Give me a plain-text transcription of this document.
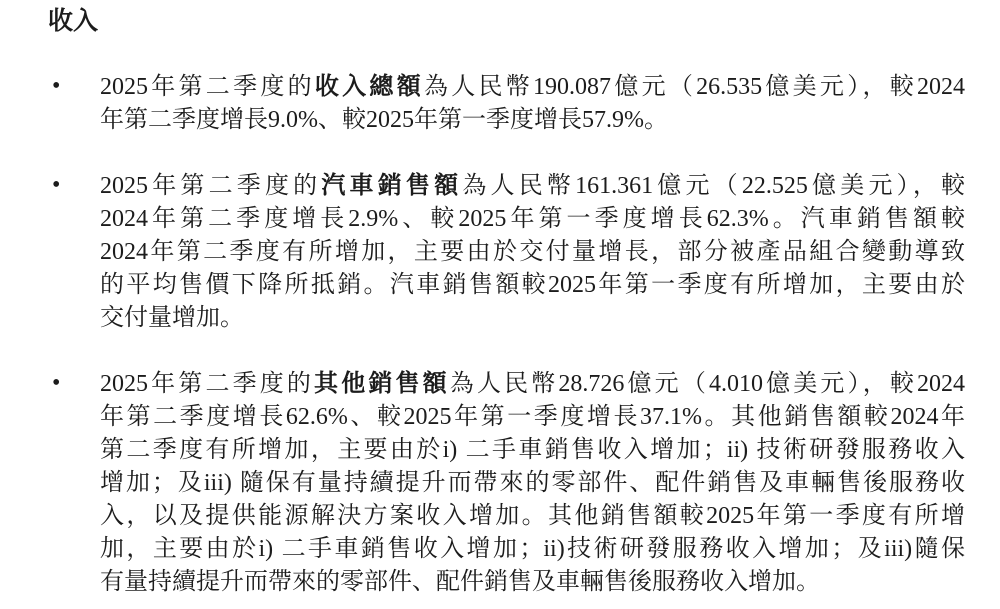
收入
• 2025年第二季度的收入總額為人民幣190.087億元（26.535億美元），較2024
年第二季度增長9.0%、較2025年第一季度增長57.9%。
• 2025年第二季度的汽車銷售額為人民幣161.361億元（22.525億美元），較
2024年第二季度增長2.9%、較2025年第一季度增長62.3%。汽車銷售額較
2024年第二季度有所增加，主要由於交付量增長，部分被產品組合變動導致
的平均售價下降所抵銷。汽車銷售額較2025年第一季度有所增加，主要由於
交付量增加。
• 2025年第二季度的其他銷售額為人民幣28.726億元（4.010億美元），較2024
年第二季度增長62.6%、較2025年第一季度增長37.1%。其他銷售額較2024年
第二季度有所增加，主要由於i) 二手車銷售收入增加；ii) 技術研發服務收入
增加；及iii) 隨保有量持續提升而帶來的零部件、配件銷售及車輛售後服務收
入，以及提供能源解決方案收入增加。其他銷售額較2025年第一季度有所增
加，主要由於i) 二手車銷售收入增加；ii)技術研發服務收入增加；及iii)隨保
有量持續提升而帶來的零部件、配件銷售及車輛售後服務收入增加。
